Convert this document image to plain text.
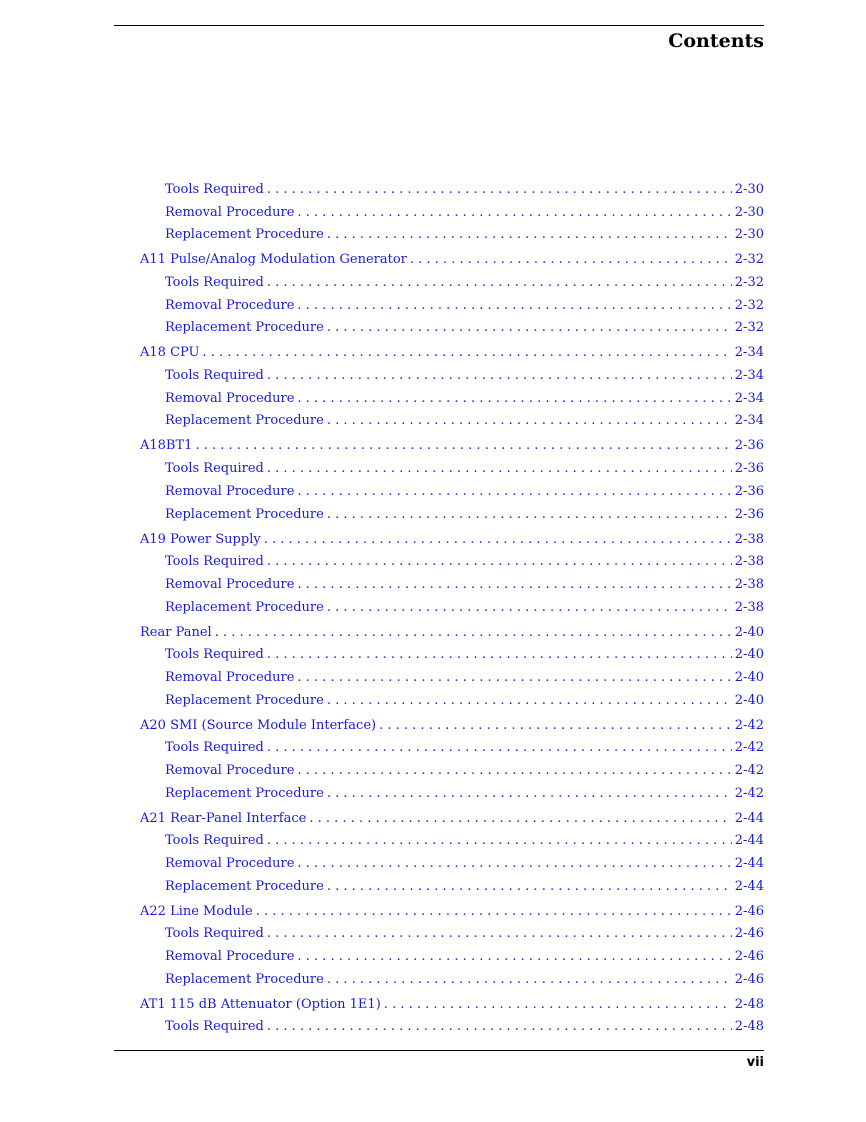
Contents
Tools Required . . .	2-30
Removal Procedure . . .	2-30
Replacement Procedure . . .	2-30
A11 Pulse/Analog Modulation Generator . . .	2-32
Tools Required . . .	2-32
Removal Procedure . . .	2-32
Replacement Procedure . . .	2-32
A18 CPU . . .	2-34
Tools Required . . .	2-34
Removal Procedure . . .	2-34
Replacement Procedure . . .	2-34
A18BT1 . . .	2-36
Tools Required . . .	2-36
Removal Procedure . . .	2-36
Replacement Procedure . . .	2-36
A19 Power Supply . . .	2-38
Tools Required . . .	2-38
Removal Procedure . . .	2-38
Replacement Procedure . . .	2-38
Rear Panel . . .	2-40
Tools Required . . .	2-40
Removal Procedure . . .	2-40
Replacement Procedure . . .	2-40
A20 SMI (Source Module Interface) . . .	2-42
Tools Required . . .	2-42
Removal Procedure . . .	2-42
Replacement Procedure . . .	2-42
A21 Rear-Panel Interface . . .	2-44
Tools Required . . .	2-44
Removal Procedure . . .	2-44
Replacement Procedure . . .	2-44
A22 Line Module . . .	2-46
Tools Required . . .	2-46
Removal Procedure . . .	2-46
Replacement Procedure . . .	2-46
AT1 115 dB Attenuator (Option 1E1) . . .	2-48
Tools Required . . .	2-48
vii
